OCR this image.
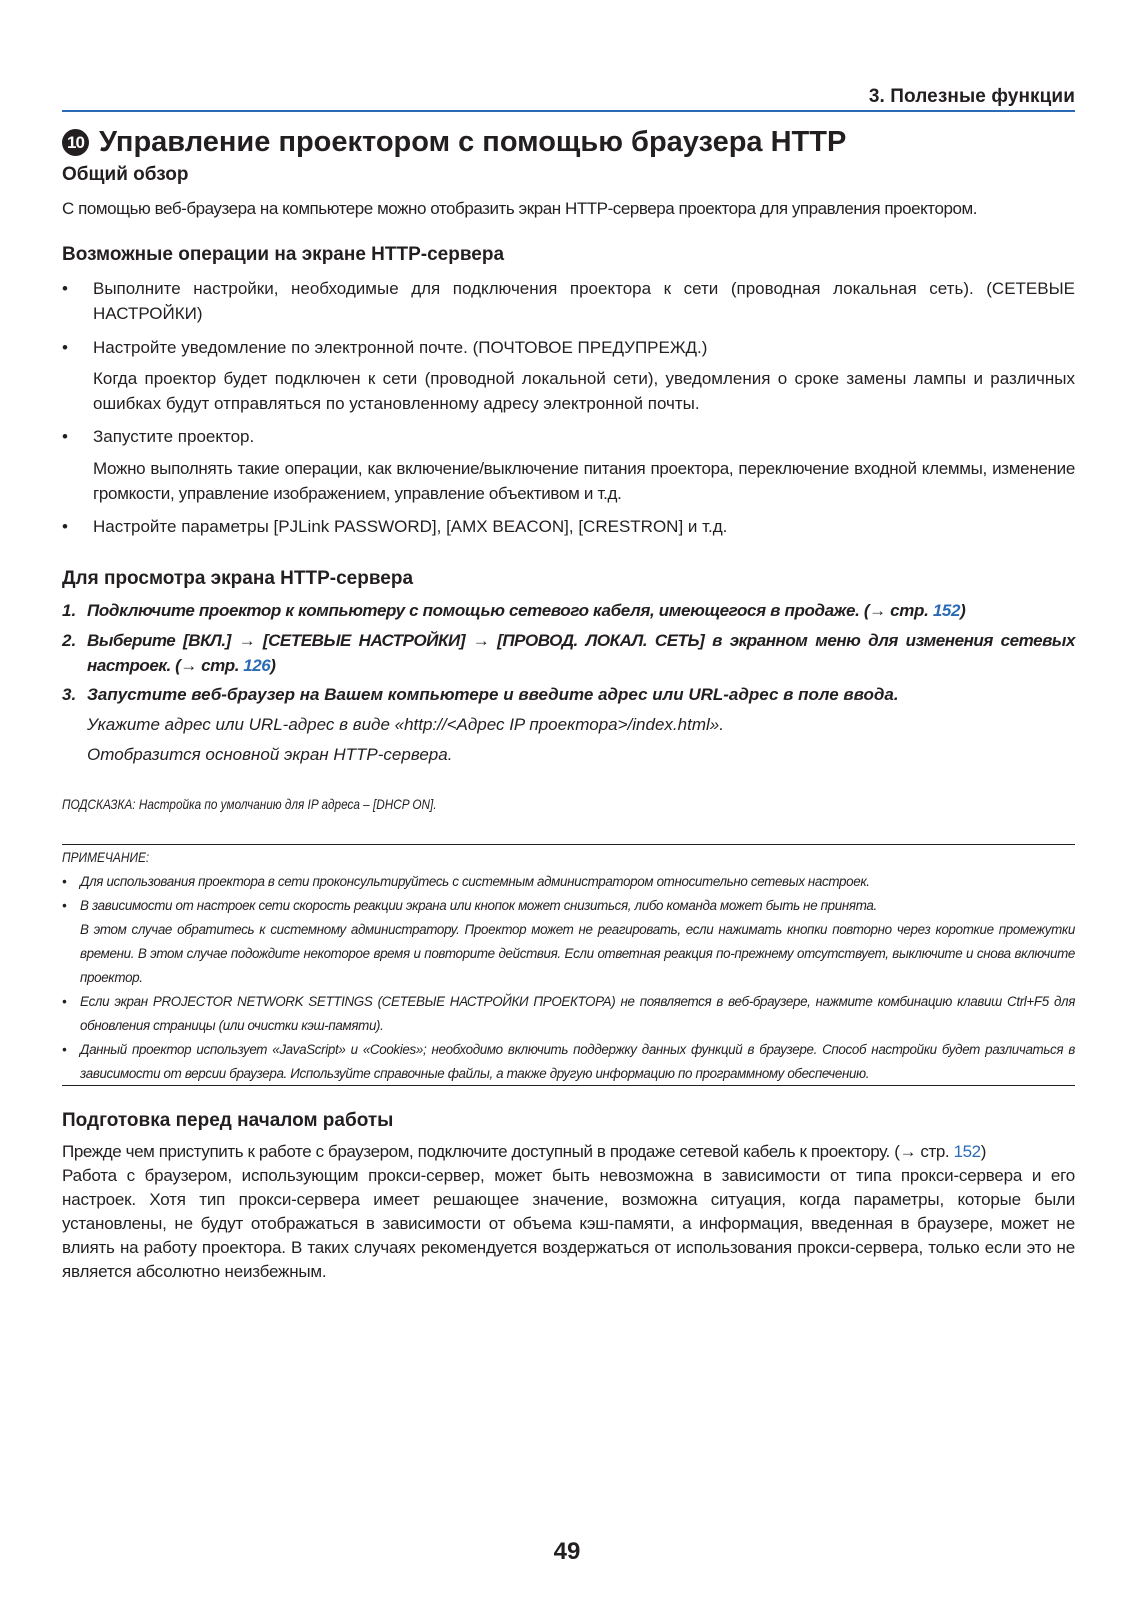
3. Полезные функции
10 Управление проектором с помощью браузера HTTP
Общий обзор
С помощью веб-браузера на компьютере можно отобразить экран HTTP-сервера проектора для управления проектором.
Возможные операции на экране HTTP-сервера
•	Выполните настройки, необходимые для подключения проектора к сети (проводная локальная сеть). (СЕТЕВЫЕ НАСТРОЙКИ)
•	Настройте уведомление по электронной почте. (ПОЧТОВОЕ ПРЕДУПРЕЖД.)
Когда проектор будет подключен к сети (проводной локальной сети), уведомления о сроке замены лампы и различных ошибках будут отправляться по установленному адресу электронной почты.
•	Запустите проектор.
Можно выполнять такие операции, как включение/выключение питания проектора, переключение входной клеммы, изменение громкости, управление изображением, управление объективом и т.д.
•	Настройте параметры [PJLink PASSWORD], [AMX BEACON], [CRESTRON] и т.д.
Для просмотра экрана HTTP-сервера
1. Подключите проектор к компьютеру с помощью сетевого кабеля, имеющегося в продаже. (→ стр. 152)
2. Выберите [ВКЛ.] → [СЕТЕВЫЕ НАСТРОЙКИ] → [ПРОВОД. ЛОКАЛ. СЕТЬ] в экранном меню для изменения сетевых настроек. (→ стр. 126)
3. Запустите веб-браузер на Вашем компьютере и введите адрес или URL-адрес в поле ввода.
Укажите адрес или URL-адрес в виде «http://<Адрес IP проектора>/index.html».
Отобразится основной экран HTTP-сервера.
ПОДСКАЗКА: Настройка по умолчанию для IP адреса – [DHCP ON].
ПРИМЕЧАНИЕ:
• Для использования проектора в сети проконсультируйтесь с системным администратором относительно сетевых настроек.
• В зависимости от настроек сети скорость реакции экрана или кнопок может снизиться, либо команда может быть не принята.
В этом случае обратитесь к системному администратору. Проектор может не реагировать, если нажимать кнопки повторно через короткие промежутки времени. В этом случае подождите некоторое время и повторите действия. Если ответная реакция по-прежнему отсутствует, выключите и снова включите проектор.
• Если экран PROJECTOR NETWORK SETTINGS (СЕТЕВЫЕ НАСТРОЙКИ ПРОЕКТОРА) не появляется в веб-браузере, нажмите комбинацию клавиш Ctrl+F5 для обновления страницы (или очистки кэш-памяти).
• Данный проектор использует «JavaScript» и «Cookies»; необходимо включить поддержку данных функций в браузере. Способ настройки будет различаться в зависимости от версии браузера. Используйте справочные файлы, а также другую информацию по программному обеспечению.
Подготовка перед началом работы
Прежде чем приступить к работе с браузером, подключите доступный в продаже сетевой кабель к проектору. (→ стр. 152)
Работа с браузером, использующим прокси-сервер, может быть невозможна в зависимости от типа прокси-сервера и его настроек. Хотя тип прокси-сервера имеет решающее значение, возможна ситуация, когда параметры, которые были установлены, не будут отображаться в зависимости от объема кэш-памяти, а информация, введенная в браузере, может не влиять на работу проектора. В таких случаях рекомендуется воздержаться от использования прокси-сервера, только если это не является абсолютно неизбежным.
49
